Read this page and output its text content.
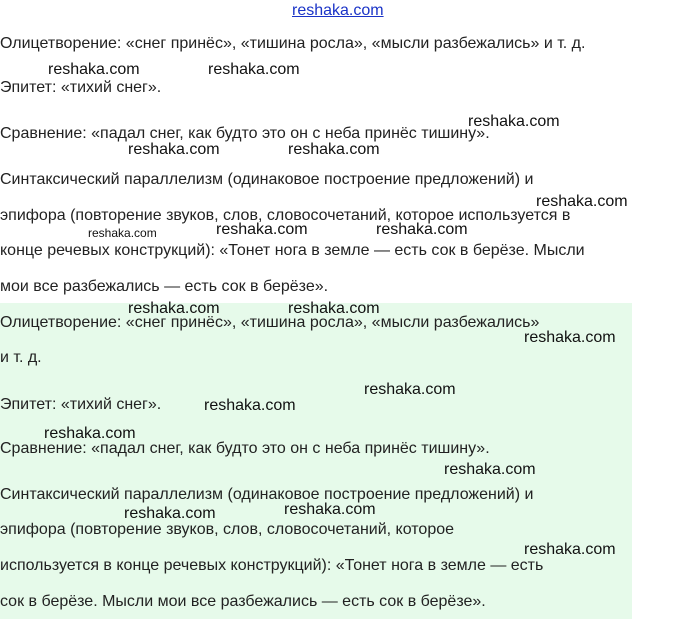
reshaka.com
Олицетворение: «снег принёс», «тишина росла», «мысли разбежались» и т. д.
Эпитет: «тихий снег».
Сравнение: «падал снег, как будто это он с неба принёс тишину».
Синтаксический параллелизм (одинаковое построение предложений) и
эпифора (повторение звуков, слов, словосочетаний, которое используется в
конце речевых конструкций): «Тонет нога в земле — есть сок в берёзе. Мысли
мои все разбежались — есть сок в берёзе».
Олицетворение: «снег принёс», «тишина росла», «мысли разбежались»
и т. д.
Эпитет: «тихий снег».
Сравнение: «падал снег, как будто это он с неба принёс тишину».
Синтаксический параллелизм (одинаковое построение предложений) и
эпифора (повторение звуков, слов, словосочетаний, которое
используется в конце речевых конструкций): «Тонет нога в земле — есть
сок в берёзе. Мысли мои все разбежались — есть сок в берёзе».
reshaka.com	reshaka.com
reshaka.com
reshaka.com	reshaka.com
reshaka.com
reshaka.com	reshaka.com	reshaka.com
reshaka.com	reshaka.com
reshaka.com
reshaka.com
reshaka.com
reshaka.com
reshaka.com
reshaka.com
reshaka.com
reshaka.com
